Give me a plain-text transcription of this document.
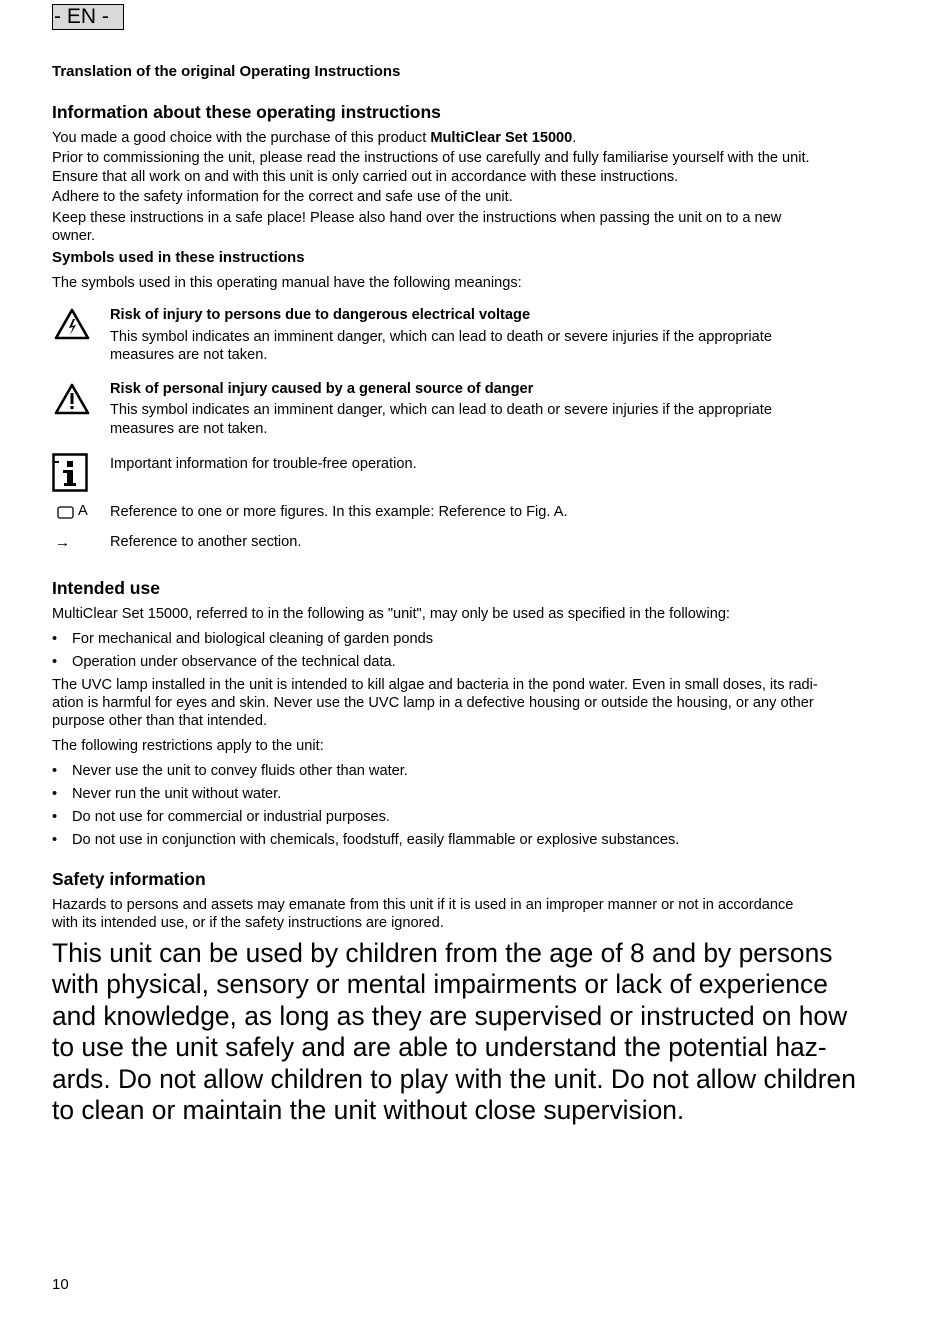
- EN -
Translation of the original Operating Instructions
Information about these operating instructions
You made a good choice with the purchase of this product MultiClear Set 15000.
Prior to commissioning the unit, please read the instructions of use carefully and fully familiarise yourself with the unit.
Ensure that all work on and with this unit is only carried out in accordance with these instructions.
Adhere to the safety information for the correct and safe use of the unit.
Keep these instructions in a safe place! Please also hand over the instructions when passing the unit on to a new
owner.
Symbols used in these instructions
The symbols used in this operating manual have the following meanings:
Risk of injury to persons due to dangerous electrical voltage
This symbol indicates an imminent danger, which can lead to death or severe injuries if the appropriate
measures are not taken.
Risk of personal injury caused by a general source of danger
This symbol indicates an imminent danger, which can lead to death or severe injuries if the appropriate
measures are not taken.
Important information for trouble-free operation.
A Reference to one or more figures. In this example: Reference to Fig. A.
→	Reference to another section.
Intended use
MultiClear Set 15000, referred to in the following as "unit", may only be used as specified in the following:
• For mechanical and biological cleaning of garden ponds
• Operation under observance of the technical data.
The UVC lamp installed in the unit is intended to kill algae and bacteria in the pond water. Even in small doses, its radi-
ation is harmful for eyes and skin. Never use the UVC lamp in a defective housing or outside the housing, or any other
purpose other than that intended.
The following restrictions apply to the unit:
• Never use the unit to convey fluids other than water.
• Never run the unit without water.
• Do not use for commercial or industrial purposes.
• Do not use in conjunction with chemicals, foodstuff, easily flammable or explosive substances.
Safety information
Hazards to persons and assets may emanate from this unit if it is used in an improper manner or not in accordance
with its intended use, or if the safety instructions are ignored.
This unit can be used by children from the age of 8 and by persons
with physical, sensory or mental impairments or lack of experience
and knowledge, as long as they are supervised or instructed on how
to use the unit safely and are able to understand the potential haz-
ards. Do not allow children to play with the unit. Do not allow children
to clean or maintain the unit without close supervision.
10
